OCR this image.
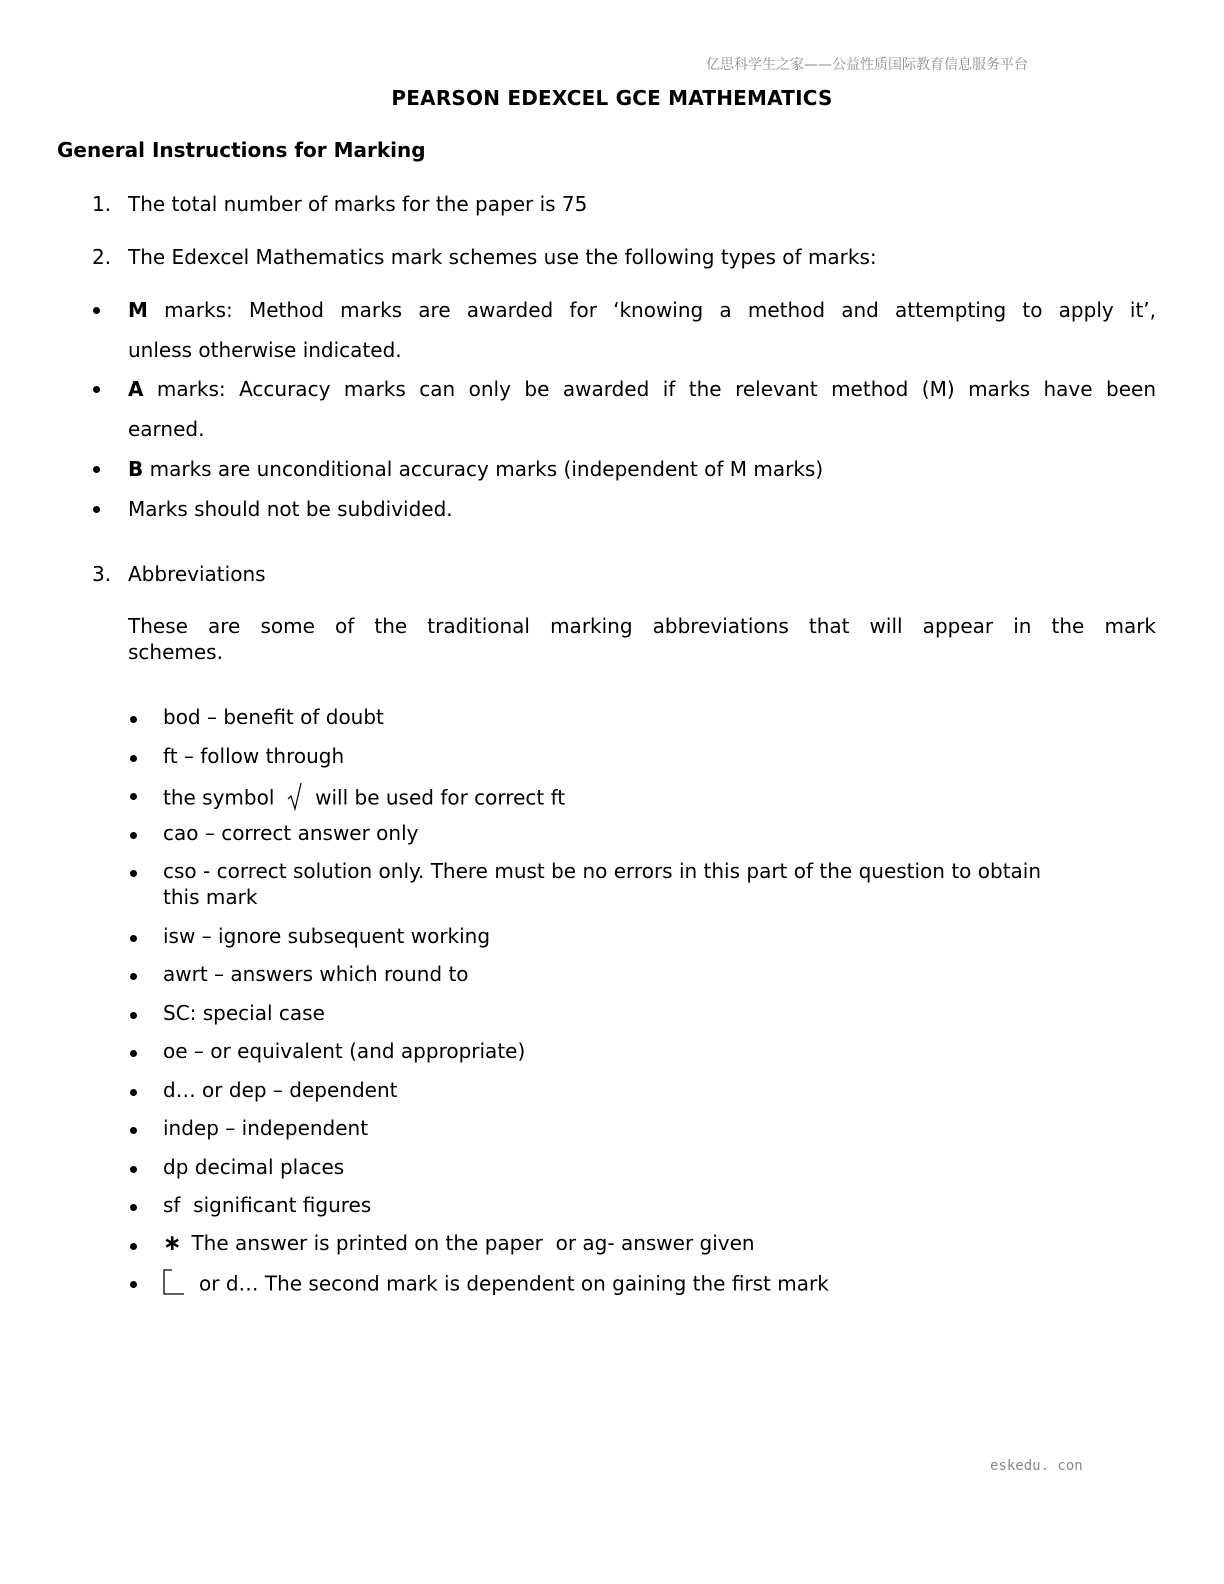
亿思科学生之家——公益性质国际教育信息服务平台
PEARSON EDEXCEL GCE MATHEMATICS
General Instructions for Marking
1. The total number of marks for the paper is 75
2. The Edexcel Mathematics mark schemes use the following types of marks:
M marks: Method marks are awarded for ‘knowing a method and attempting to apply it’,
unless otherwise indicated.
A marks: Accuracy marks can only be awarded if the relevant method (M) marks have been
earned.
B marks are unconditional accuracy marks (independent of M marks)
Marks should not be subdivided.
3. Abbreviations
These are some of the traditional marking abbreviations that will appear in the mark
schemes.
bod – benefit of doubt
ft – follow through
the symbol will be used for correct ft
cao – correct answer only
cso - correct solution only. There must be no errors in this part of the question to obtain
this mark
isw – ignore subsequent working
awrt – answers which round to
SC: special case
oe – or equivalent (and appropriate)
d… or dep – dependent
indep – independent
dp decimal places
sf  significant figures
∗ The answer is printed on the paper  or ag- answer given
or d… The second mark is dependent on gaining the first mark
eskedu. con
